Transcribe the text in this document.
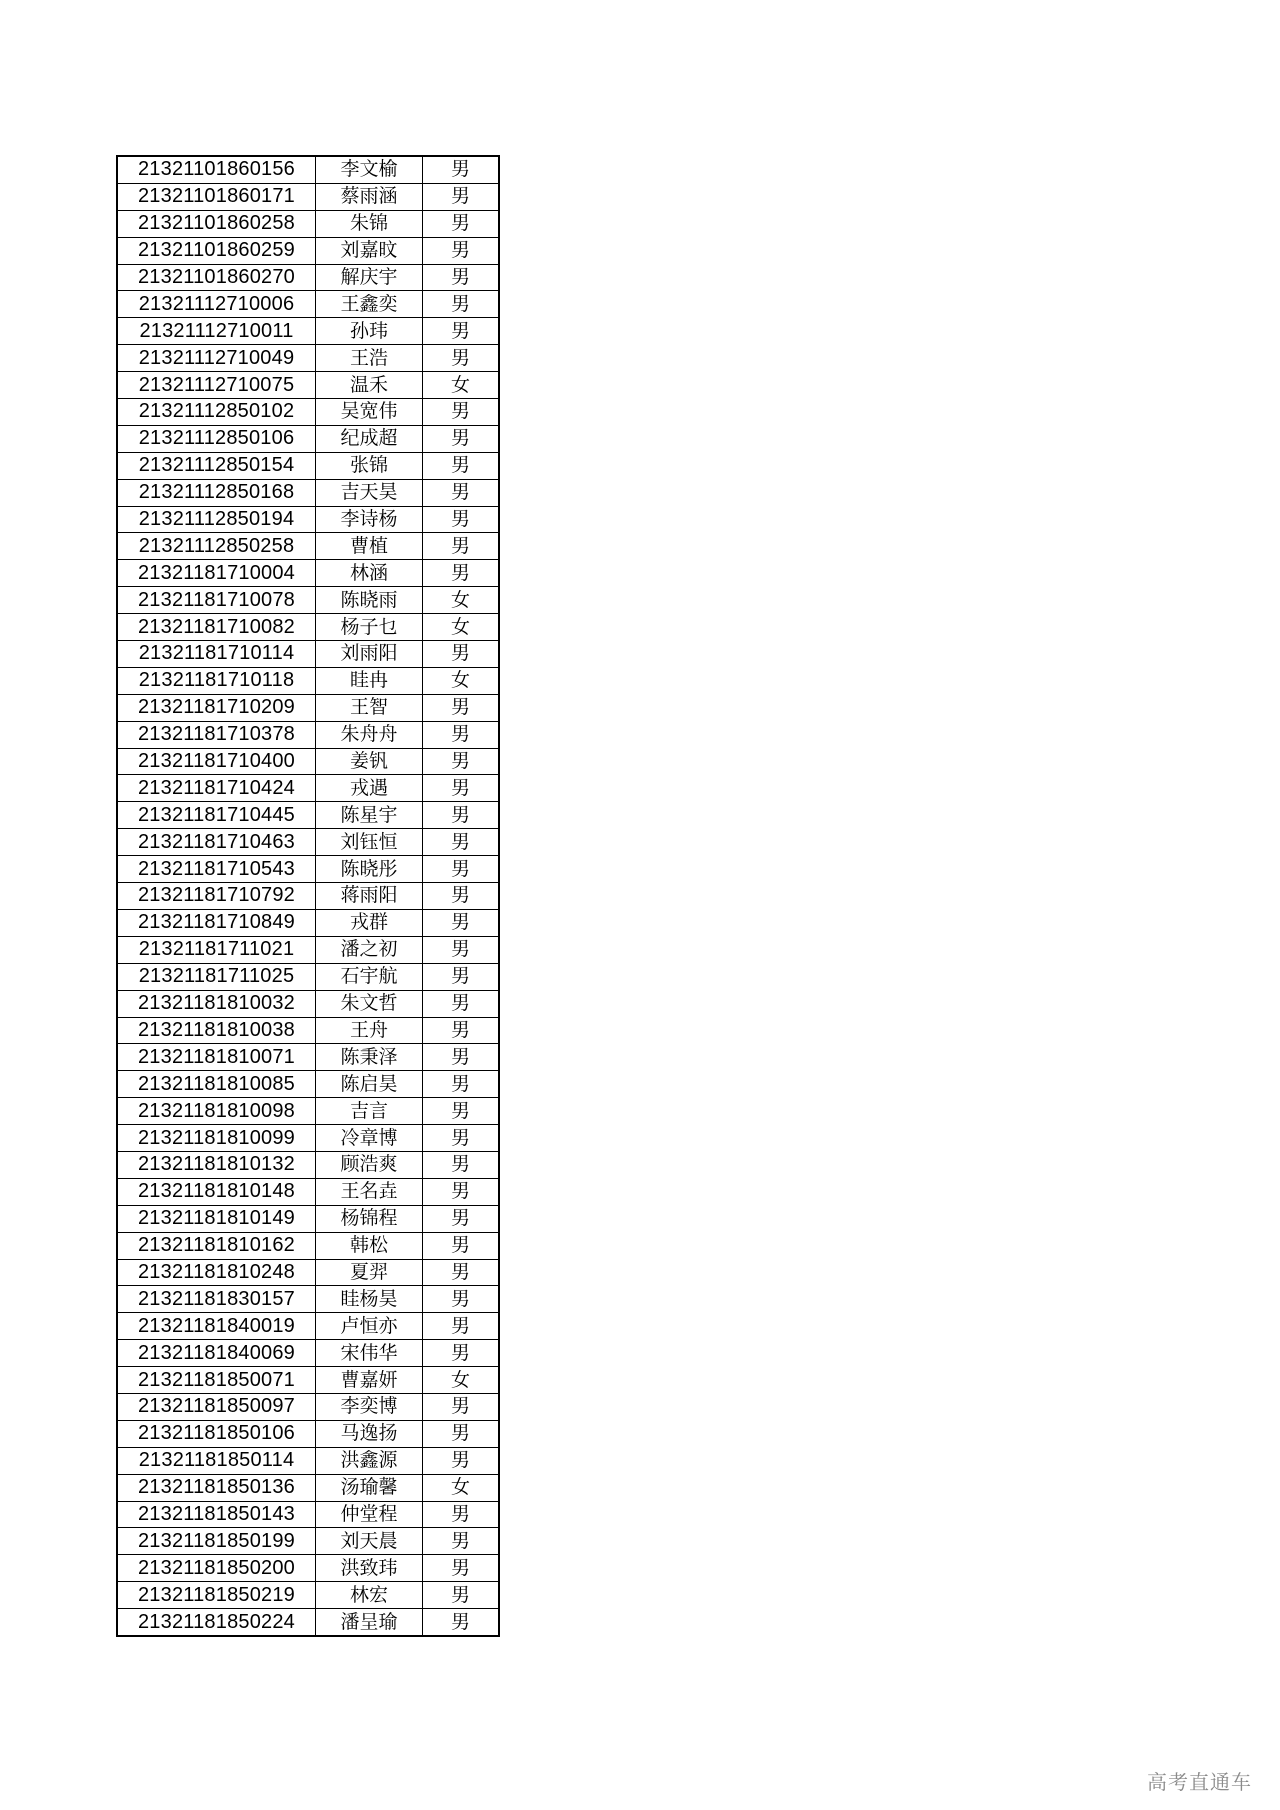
21321101860156	李文榆	男
21321101860171	蔡雨涵	男
21321101860258	朱锦	男
21321101860259	刘嘉旼	男
21321101860270	解庆宇	男
21321112710006	王鑫奕	男
21321112710011	孙玮	男
21321112710049	王浩	男
21321112710075	温禾	女
21321112850102	吴宽伟	男
21321112850106	纪成超	男
21321112850154	张锦	男
21321112850168	吉天昊	男
21321112850194	李诗杨	男
21321112850258	曹植	男
21321181710004	林涵	男
21321181710078	陈晓雨	女
21321181710082	杨子乜	女
21321181710114	刘雨阳	男
21321181710118	眭冉	女
21321181710209	王智	男
21321181710378	朱舟舟	男
21321181710400	姜钒	男
21321181710424	戎遇	男
21321181710445	陈星宇	男
21321181710463	刘钰恒	男
21321181710543	陈晓彤	男
21321181710792	蒋雨阳	男
21321181710849	戎群	男
21321181711021	潘之初	男
21321181711025	石宇航	男
21321181810032	朱文哲	男
21321181810038	王舟	男
21321181810071	陈秉泽	男
21321181810085	陈启昊	男
21321181810098	吉言	男
21321181810099	冷章博	男
21321181810132	顾浩爽	男
21321181810148	王名垚	男
21321181810149	杨锦程	男
21321181810162	韩松	男
21321181810248	夏羿	男
21321181830157	眭杨昊	男
21321181840019	卢恒亦	男
21321181840069	宋伟华	男
21321181850071	曹嘉妍	女
21321181850097	李奕博	男
21321181850106	马逸扬	男
21321181850114	洪鑫源	男
21321181850136	汤瑜馨	女
21321181850143	仲堂程	男
21321181850199	刘天晨	男
21321181850200	洪致玮	男
21321181850219	林宏	男
21321181850224	潘呈瑜	男
高考直通车
